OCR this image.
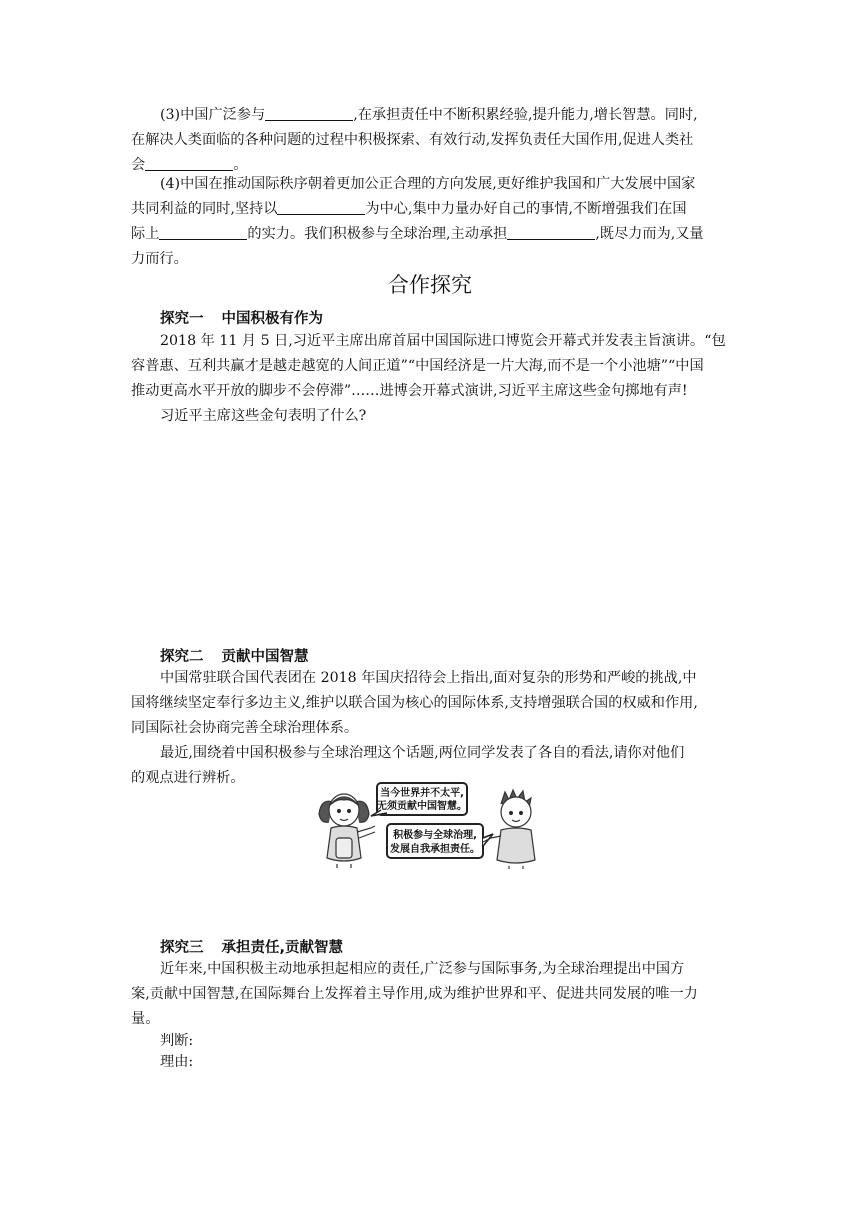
(3)中国广泛参与	,在承担责任中不断积累经验,提升能力,增长智慧。同时,
在解决人类面临的各种问题的过程中积极探索、有效行动,发挥负责任大国作用,促进人类社
会	。
(4)中国在推动国际秩序朝着更加公正合理的方向发展,更好维护我国和广大发展中国家
共同利益的同时,坚持以	为中心,集中力量办好自己的事情,不断增强我们在国
际上	的实力。我们积极参与全球治理,主动承担	,既尽力而为,又量
力而行。
合作探究
探究一 中国积极有作为
2018 年 11 月 5 日,习近平主席出席首届中国国际进口博览会开幕式并发表主旨演讲。“包
容普惠、互利共赢才是越走越宽的人间正道”“中国经济是一片大海,而不是一个小池塘”“中国
推动更高水平开放的脚步不会停滞”……进博会开幕式演讲,习近平主席这些金句掷地有声!
习近平主席这些金句表明了什么?
探究二 贡献中国智慧
中国常驻联合国代表团在 2018 年国庆招待会上指出,面对复杂的形势和严峻的挑战,中
国将继续坚定奉行多边主义,维护以联合国为核心的国际体系,支持增强联合国的权威和作用,
同国际社会协商完善全球治理体系。
最近,围绕着中国积极参与全球治理这个话题,两位同学发表了各自的看法,请你对他们
的观点进行辨析。
当今世界并不太平,
无须贡献中国智慧。
积极参与全球治理,
发展自我承担责任。
探究三 承担责任,贡献智慧
近年来,中国积极主动地承担起相应的责任,广泛参与国际事务,为全球治理提出中国方
案,贡献中国智慧,在国际舞台上发挥着主导作用,成为维护世界和平、促进共同发展的唯一力
量。
判断:
理由:
